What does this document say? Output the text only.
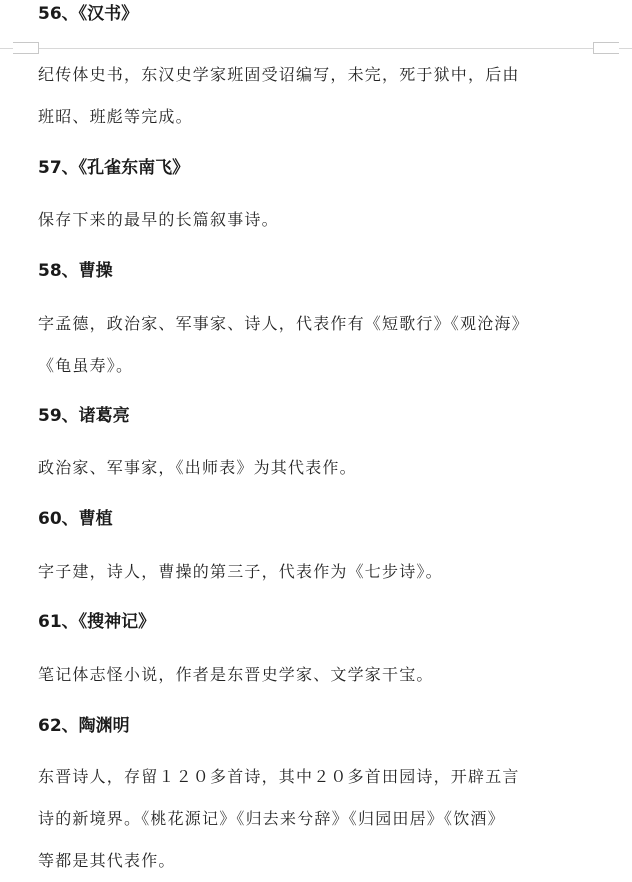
56、《汉书》

纪传体史书，东汉史学家班固受诏编写，未完，死于狱中，后由
班昭、班彪等完成。

57、《孔雀东南飞》

保存下来的最早的长篇叙事诗。

58、曹操

字孟德，政治家、军事家、诗人，代表作有《短歌行》《观沧海》
《龟虽寿》。

59、诸葛亮

政治家、军事家，《出师表》为其代表作。

60、曹植

字子建，诗人，曹操的第三子，代表作为《七步诗》。

61、《搜神记》

笔记体志怪小说，作者是东晋史学家、文学家干宝。

62、陶渊明

东晋诗人，存留１２０多首诗，其中２０多首田园诗，开辟五言
诗的新境界。《桃花源记》《归去来兮辞》《归园田居》《饮酒》
等都是其代表作。
